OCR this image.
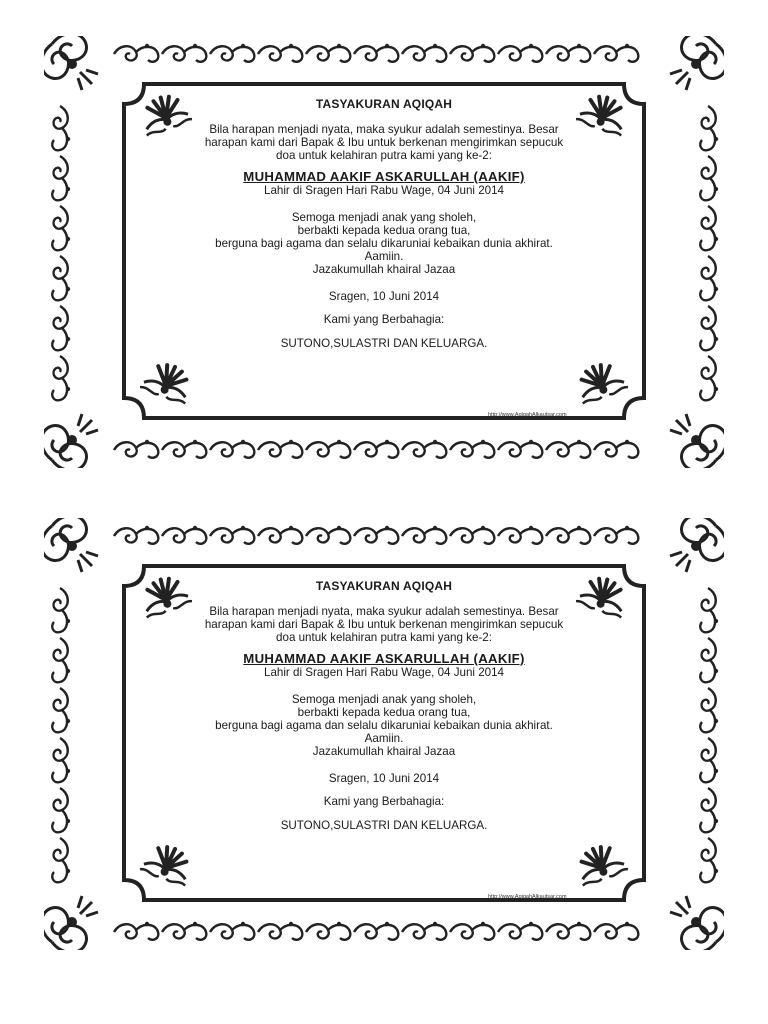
TASYAKURAN AQIQAH
Bila harapan menjadi nyata, maka syukur adalah semestinya. Besar
harapan kami dari Bapak & Ibu untuk berkenan mengirimkan sepucuk
doa untuk kelahiran putra kami yang ke-2:
MUHAMMAD AAKIF ASKARULLAH (AAKIF)
Lahir di Sragen Hari Rabu Wage, 04 Juni 2014
Semoga menjadi anak yang sholeh,
berbakti kepada kedua orang tua,
berguna bagi agama dan selalu dikaruniai kebaikan dunia akhirat.
Aamiin.
Jazakumullah khairal Jazaa
Sragen, 10 Juni 2014
Kami yang Berbahagia:
SUTONO,SULASTRI DAN KELUARGA.
http://www.AqiqahAlkautsar.com
TASYAKURAN AQIQAH
Bila harapan menjadi nyata, maka syukur adalah semestinya. Besar
harapan kami dari Bapak & Ibu untuk berkenan mengirimkan sepucuk
doa untuk kelahiran putra kami yang ke-2:
MUHAMMAD AAKIF ASKARULLAH (AAKIF)
Lahir di Sragen Hari Rabu Wage, 04 Juni 2014
Semoga menjadi anak yang sholeh,
berbakti kepada kedua orang tua,
berguna bagi agama dan selalu dikaruniai kebaikan dunia akhirat.
Aamiin.
Jazakumullah khairal Jazaa
Sragen, 10 Juni 2014
Kami yang Berbahagia:
SUTONO,SULASTRI DAN KELUARGA.
http://www.AqiqahAlkautsar.com
